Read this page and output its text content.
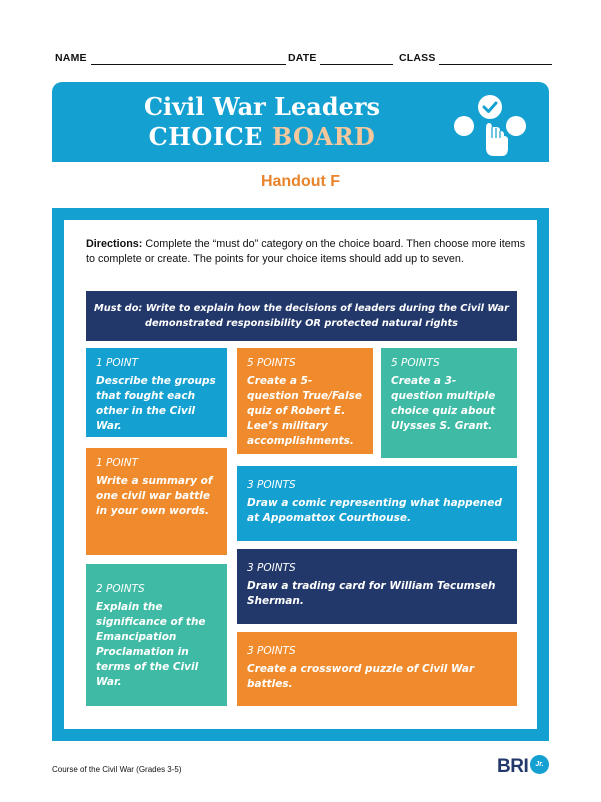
NAME	DATE	CLASS
Civil War Leaders
CHOICE BOARD
Handout F
Directions: Complete the “must do” category on the choice board. Then choose more items to complete or create. The points for your choice items should add up to seven.
Must do: Write to explain how the decisions of leaders during the Civil War demonstrated responsibility OR protected natural rights
1 POINT
Describe the groups that fought each other in the Civil War.
5 POINTS
Create a 5-question True/False quiz of Robert E. Lee’s military accomplishments.
5 POINTS
Create a 3-question multiple choice quiz about Ulysses S. Grant.
1 POINT
Write a summary of one civil war battle in your own words.
3 POINTS
Draw a comic representing what happened at Appomattox Courthouse.
3 POINTS
Draw a trading card for William Tecumseh Sherman.
2 POINTS
Explain the significance of the Emancipation Proclamation in terms of the Civil War.
3 POINTS
Create a crossword puzzle of Civil War battles.
Course of the Civil War (Grades 3-5)	BRI	Jr.
